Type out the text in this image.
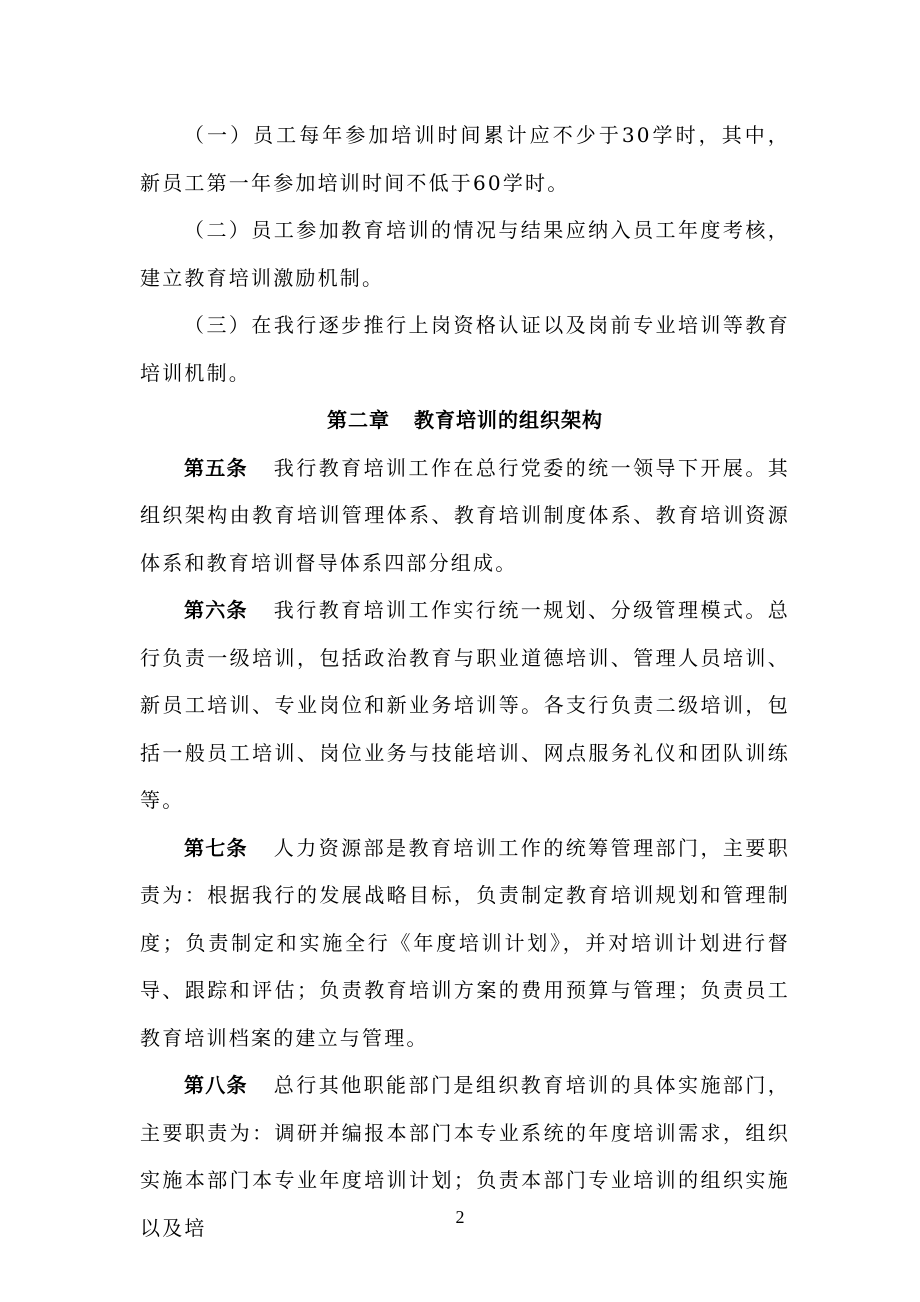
（一）员工每年参加培训时间累计应不少于30学时，其中，新员工第一年参加培训时间不低于60学时。

（二）员工参加教育培训的情况与结果应纳入员工年度考核，建立教育培训激励机制。

（三）在我行逐步推行上岗资格认证以及岗前专业培训等教育培训机制。

第二章 教育培训的组织架构

第五条 我行教育培训工作在总行党委的统一领导下开展。其组织架构由教育培训管理体系、教育培训制度体系、教育培训资源体系和教育培训督导体系四部分组成。

第六条 我行教育培训工作实行统一规划、分级管理模式。总行负责一级培训，包括政治教育与职业道德培训、管理人员培训、新员工培训、专业岗位和新业务培训等。各支行负责二级培训，包括一般员工培训、岗位业务与技能培训、网点服务礼仪和团队训练等。

第七条 人力资源部是教育培训工作的统筹管理部门，主要职责为：根据我行的发展战略目标，负责制定教育培训规划和管理制度；负责制定和实施全行《年度培训计划》，并对培训计划进行督导、跟踪和评估；负责教育培训方案的费用预算与管理；负责员工教育培训档案的建立与管理。

第八条 总行其他职能部门是组织教育培训的具体实施部门，主要职责为：调研并编报本部门本专业系统的年度培训需求，组织实施本部门本专业年度培训计划；负责本部门专业培训的组织实施以及培	2
